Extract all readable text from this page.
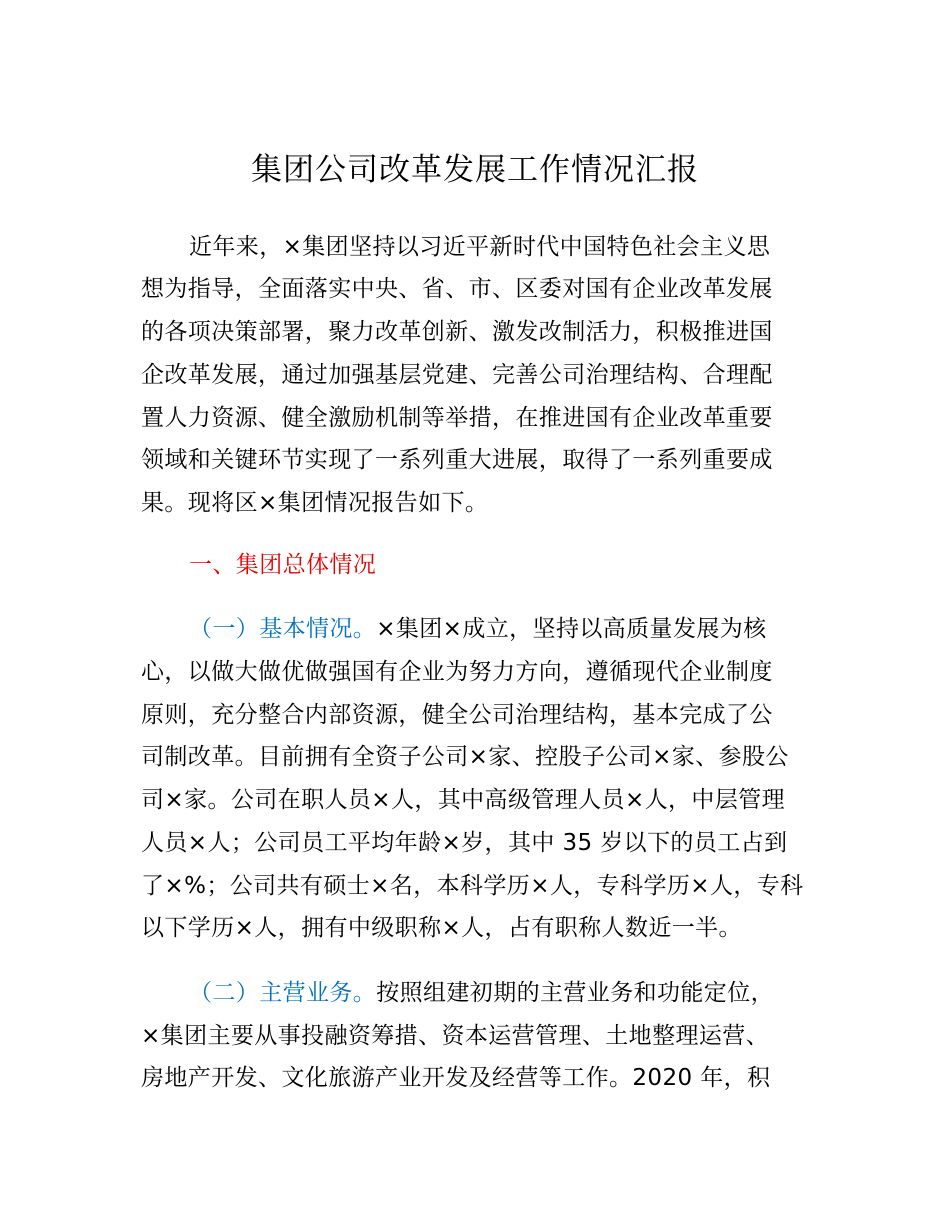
集团公司改革发展工作情况汇报

近年来，×集团坚持以习近平新时代中国特色社会主义思

想为指导，全面落实中央、省、市、区委对国有企业改革发展

的各项决策部署，聚力改革创新、激发改制活力，积极推进国

企改革发展，通过加强基层党建、完善公司治理结构、合理配

置人力资源、健全激励机制等举措，在推进国有企业改革重要

领域和关键环节实现了一系列重大进展，取得了一系列重要成

果。现将区×集团情况报告如下。

一、集团总体情况

（一）基本情况。×集团×成立，坚持以高质量发展为核

心，以做大做优做强国有企业为努力方向，遵循现代企业制度

原则，充分整合内部资源，健全公司治理结构，基本完成了公

司制改革。目前拥有全资子公司×家、控股子公司×家、参股公

司×家。公司在职人员×人，其中高级管理人员×人，中层管理

人员×人；公司员工平均年龄×岁，其中 35 岁以下的员工占到

了×%；公司共有硕士×名，本科学历×人，专科学历×人，专科

以下学历×人，拥有中级职称×人，占有职称人数近一半。

（二）主营业务。按照组建初期的主营业务和功能定位，

×集团主要从事投融资筹措、资本运营管理、土地整理运营、

房地产开发、文化旅游产业开发及经营等工作。2020 年，积
